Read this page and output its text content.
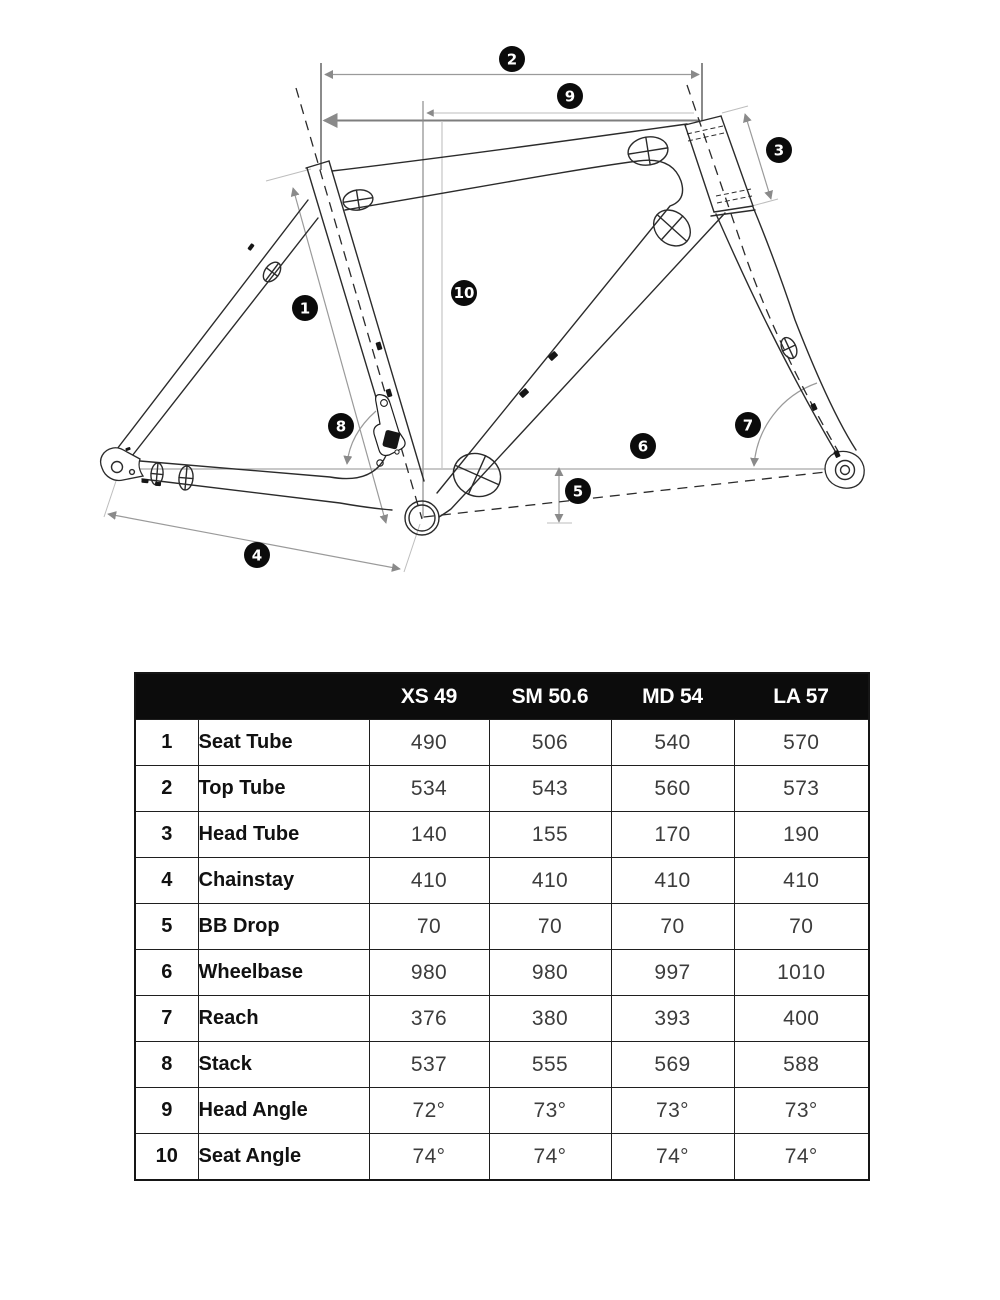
1
2
3
4
5
6
7
8
9
10
		XS 49	SM 50.6	MD 54	LA 57
1	Seat Tube	490	506	540	570
2	Top Tube	534	543	560	573
3	Head Tube	140	155	170	190
4	Chainstay	410	410	410	410
5	BB Drop	70	70	70	70
6	Wheelbase	980	980	997	1010
7	Reach	376	380	393	400
8	Stack	537	555	569	588
9	Head Angle	72°	73°	73°	73°
10	Seat Angle	74°	74°	74°	74°
